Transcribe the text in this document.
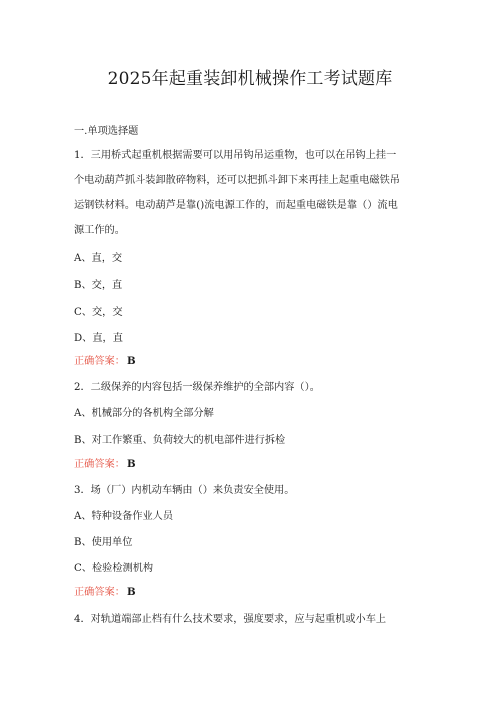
2025年起重装卸机械操作工考试题库
一.单项选择题
1．三用桥式起重机根据需要可以用吊钩吊运重物，也可以在吊钩上挂一
个电动葫芦抓斗装卸散碎物料，还可以把抓斗卸下来再挂上起重电磁铁吊
运钢铁材料。电动葫芦是靠()流电源工作的，而起重电磁铁是靠（）流电
源工作的。
A、直，交
B、交，直
C、交，交
D、直，直
正确答案： B
2．二级保养的内容包括一级保养维护的全部内容（）。
A、机械部分的各机构全部分解
B、对工作繁重、负荷较大的机电部件进行拆检
正确答案： B
3．场（厂）内机动车辆由（）来负责安全使用。
A、特种设备作业人员
B、使用单位
C、检验检测机构
正确答案： B
4．对轨道端部止档有什么技术要求，强度要求，应与起重机或小车上
